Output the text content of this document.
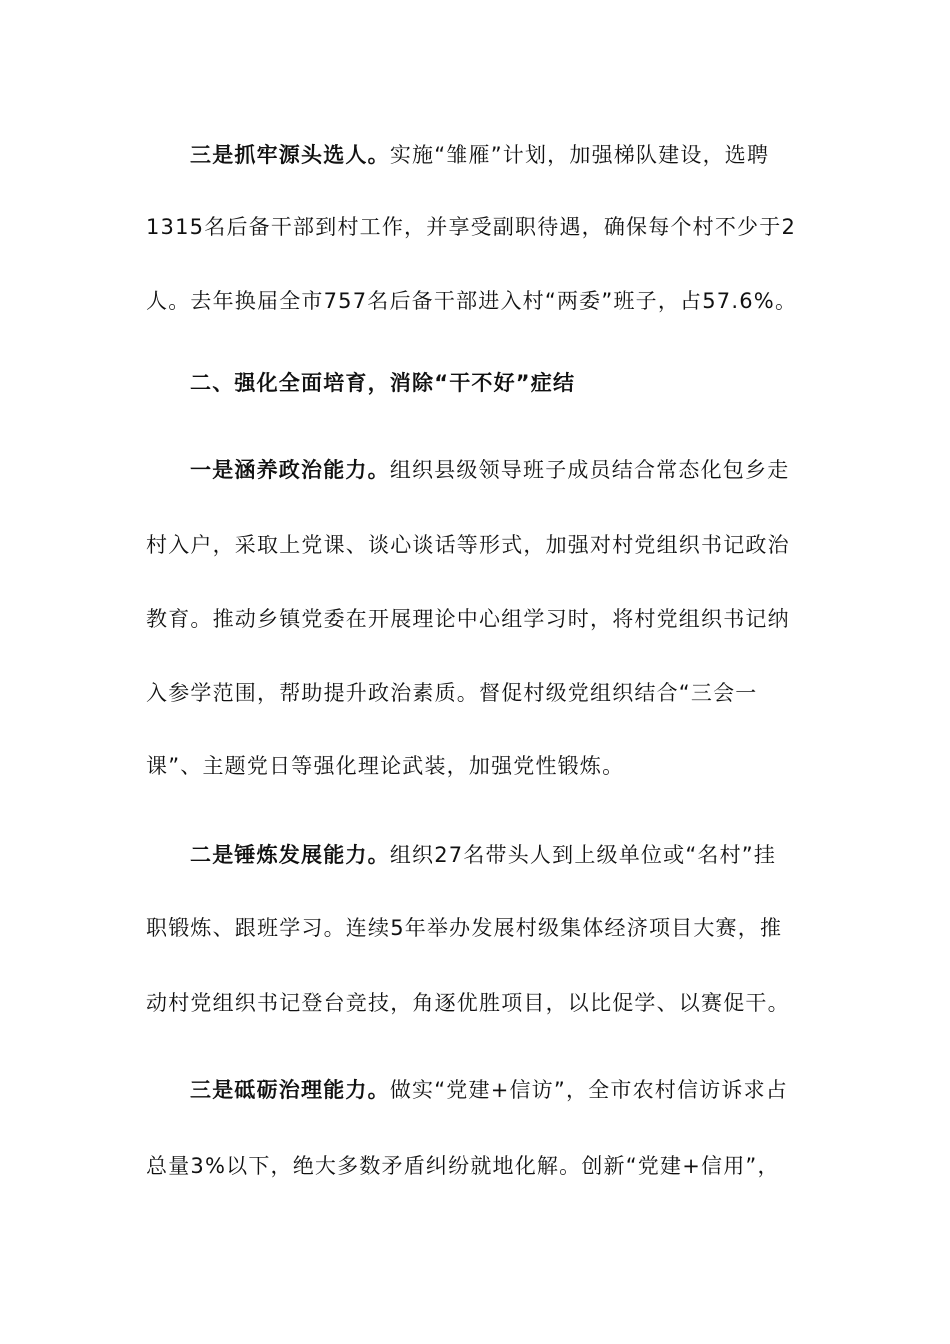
三是抓牢源头选人。实施“雏雁”计划，加强梯队建设，选聘
1315名后备干部到村工作，并享受副职待遇，确保每个村不少于2
人。去年换届全市757名后备干部进入村“两委”班子，占57.6%。
二、强化全面培育，消除“干不好”症结
一是涵养政治能力。组织县级领导班子成员结合常态化包乡走
村入户，采取上党课、谈心谈话等形式，加强对村党组织书记政治
教育。推动乡镇党委在开展理论中心组学习时，将村党组织书记纳
入参学范围，帮助提升政治素质。督促村级党组织结合“三会一
课”、主题党日等强化理论武装，加强党性锻炼。
二是锤炼发展能力。组织27名带头人到上级单位或“名村”挂
职锻炼、跟班学习。连续5年举办发展村级集体经济项目大赛，推
动村党组织书记登台竞技，角逐优胜项目，以比促学、以赛促干。
三是砥砺治理能力。做实“党建+信访”，全市农村信访诉求占
总量3%以下，绝大多数矛盾纠纷就地化解。创新“党建+信用”，
